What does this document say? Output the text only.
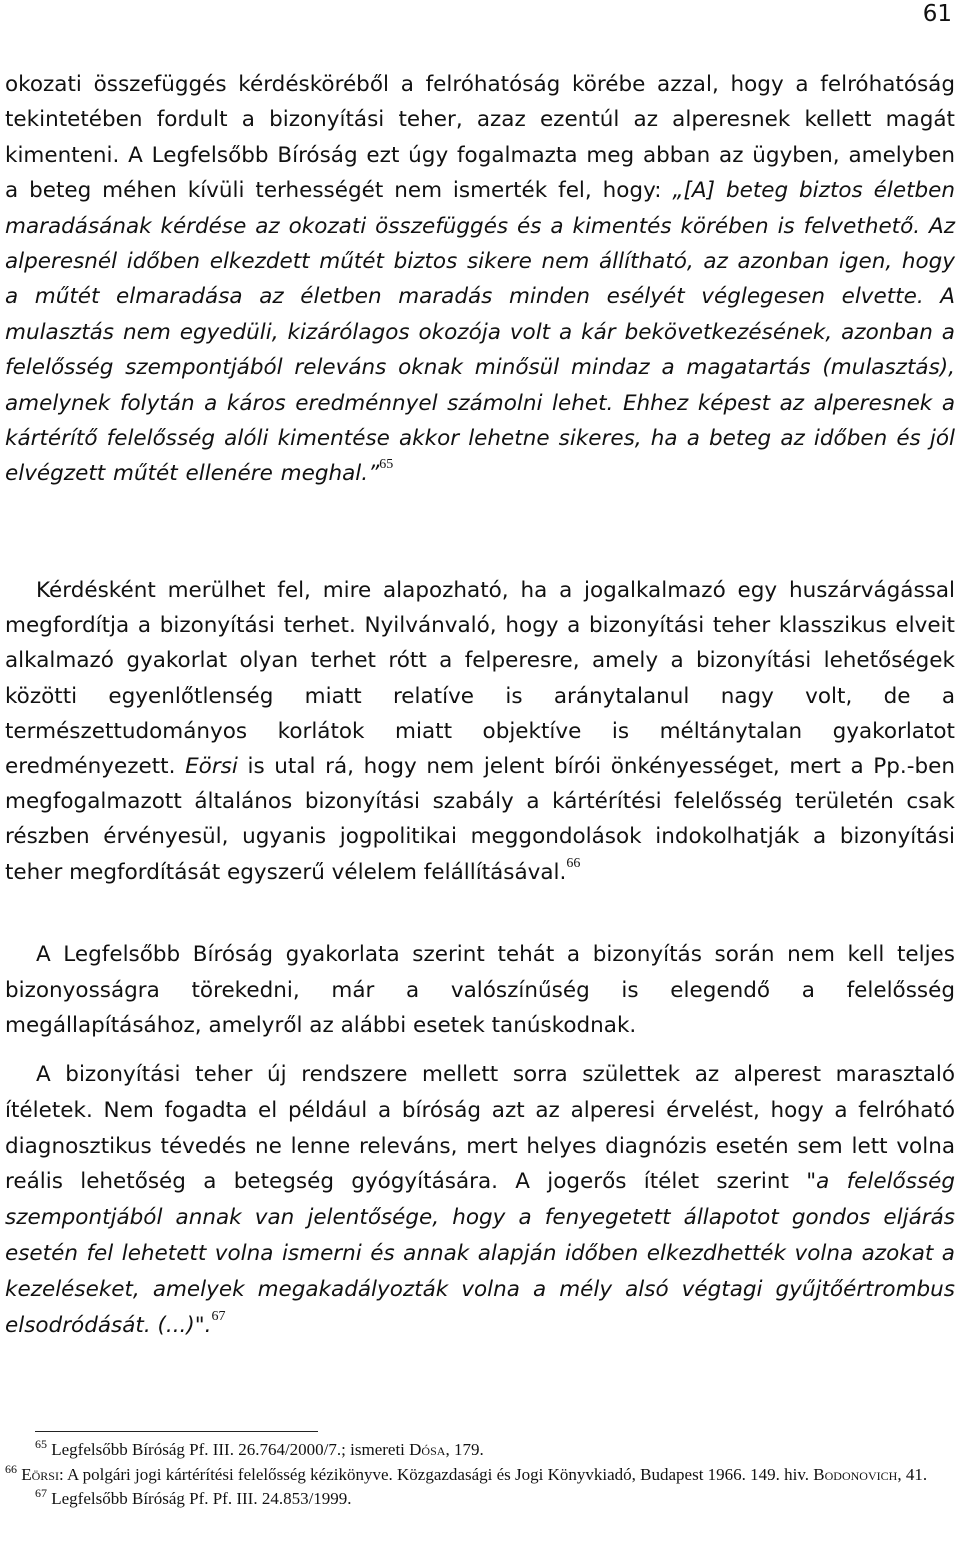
61
okozati összefüggés kérdésköréből a felróhatóság körébe azzal, hogy a felróhatóság tekintetében fordult a bizonyítási teher, azaz ezentúl az alperesnek kellett magát kimenteni. A Legfelsőbb Bíróság ezt úgy fogalmazta meg abban az ügyben, amelyben a beteg méhen kívüli terhességét nem ismerték fel, hogy: „[A] beteg biztos életben maradásának kérdése az okozati összefüggés és a kimentés körében is felvethető. Az alperesnél időben elkezdett műtét biztos sikere nem állítható, az azonban igen, hogy a műtét elmaradása az életben maradás minden esélyét véglegesen elvette. A mulasztás nem egyedüli, kizárólagos okozója volt a kár bekövetkezésének, azonban a felelősség szempontjából releváns oknak minősül mindaz a magatartás (mulasztás), amelynek folytán a káros eredménnyel számolni lehet. Ehhez képest az alperesnek a kártérítő felelősség alóli kimentése akkor lehetne sikeres, ha a beteg az időben és jól elvégzett műtét ellenére meghal.”$^{65}$
Kérdésként merülhet fel, mire alapozható, ha a jogalkalmazó egy huszárvágással megfordítja a bizonyítási terhet. Nyilvánvaló, hogy a bizonyítási teher klasszikus elveit alkalmazó gyakorlat olyan terhet rótt a felperesre, amely a bizonyítási lehetőségek közötti egyenlőtlenség miatt relatíve is aránytalanul nagy volt, de a természettudományos korlátok miatt objektíve is méltánytalan gyakorlatot eredményezett. Eörsi is utal rá, hogy nem jelent bírói önkényességet, mert a Pp.-ben megfogalmazott általános bizonyítási szabály a kártérítési felelősség területén csak részben érvényesül, ugyanis jogpolitikai meggondolások indokolhatják a bizonyítási teher megfordítását egyszerű vélelem felállításával.$^{66}$
A Legfelsőbb Bíróság gyakorlata szerint tehát a bizonyítás során nem kell teljes bizonyosságra törekedni, már a valószínűség is elegendő a felelősség megállapításához, amelyről az alábbi esetek tanúskodnak.
A bizonyítási teher új rendszere mellett sorra születtek az alperest marasztaló ítéletek. Nem fogadta el például a bíróság azt az alperesi érvelést, hogy a felróható diagnosztikus tévedés ne lenne releváns, mert helyes diagnózis esetén sem lett volna reális lehetőség a betegség gyógyítására. A jogerős ítélet szerint "a felelősség szempontjából annak van jelentősége, hogy a fenyegetett állapotot gondos eljárás esetén fel lehetett volna ismerni és annak alapján időben elkezdhették volna azokat a kezeléseket, amelyek megakadályozták volna a mély alsó végtagi gyűjtőértrombus elsodródását. (...)".$^{67}$
$^{65}$ Legfelsőbb Bíróság Pf. III. 26.764/2000/7.; ismereti Dósa, 179.
$^{66}$ Eörsi: A polgári jogi kártérítési felelősség kézikönyve. Közgazdasági és Jogi Könyvkiadó, Budapest 1966. 149. hiv. Bodonovich, 41.
$^{67}$ Legfelsőbb Bíróság Pf. Pf. III. 24.853/1999.
